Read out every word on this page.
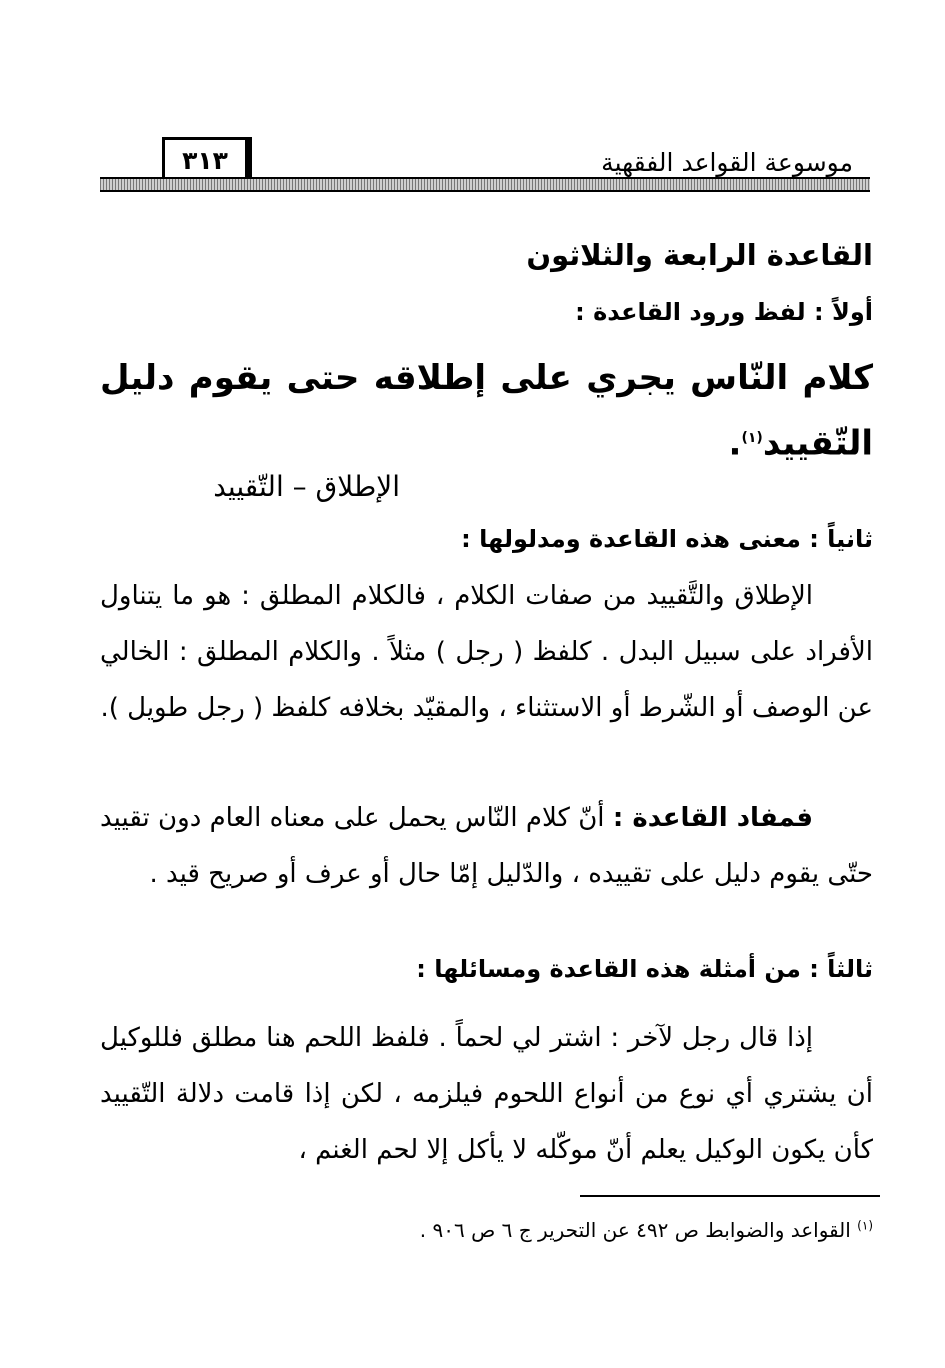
موسوعة القواعد الفقهية
٣١٣
القاعدة الرابعة والثلاثون
أولاً : لفظ ورود القاعدة :
كلام النّاس يجري على إطلاقه حتى يقوم دليل التّقييد$^{(١)}$.
الإطلاق – التّقييد
ثانياً : معنى هذه القاعدة ومدلولها :
الإطلاق والتَّقييد من صفات الكلام ، فالكلام المطلق : هو ما يتناول الأفراد على سبيل البدل . كلفظ ( رجل ) مثلاً . والكلام المطلق : الخالي عن الوصف أو الشّرط أو الاستثناء ، والمقيّد بخلافه كلفظ ( رجل طويل ).
فمفاد القاعدة : أنّ كلام النّاس يحمل على معناه العام دون تقييد حتّى يقوم دليل على تقييده ، والدّليل إمّا حال أو عرف أو صريح قيد .
ثالثاً : من أمثلة هذه القاعدة ومسائلها :
إذا قال رجل لآخر : اشتر لي لحماً . فلفظ اللحم هنا مطلق فللوكيل أن يشتري أي نوع من أنواع اللحوم فيلزمه ، لكن إذا قامت دلالة التّقييد كأن يكون الوكيل يعلم أنّ موكّله لا يأكل إلا لحم الغنم ،
$^{(١)}$ القواعد والضوابط ص ٤٩٢ عن التحرير ج ٦ ص ٩٠٦ .
